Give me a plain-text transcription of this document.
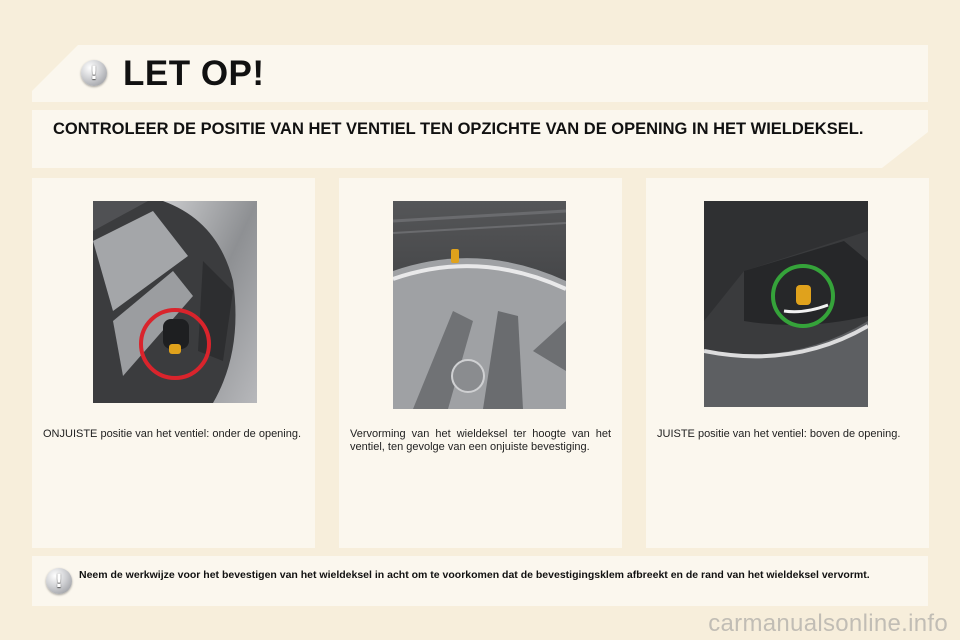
! LET OP!
CONTROLEER DE POSITIE VAN HET VENTIEL TEN OPZICHTE VAN DE OPENING IN HET WIELDEKSEL.

ONJUISTE positie van het ventiel: onder de opening.	Vervorming van het wieldeksel ter hoogte van het ventiel, ten gevolge van een onjuiste bevestiging.

JUISTE positie van het ventiel: boven de opening.

! Neem de werkwijze voor het bevestigen van het wieldeksel in acht om te voorkomen dat de bevestigingsklem afbreekt en de rand van het wieldeksel vervormt.

carmanualsonline.info
